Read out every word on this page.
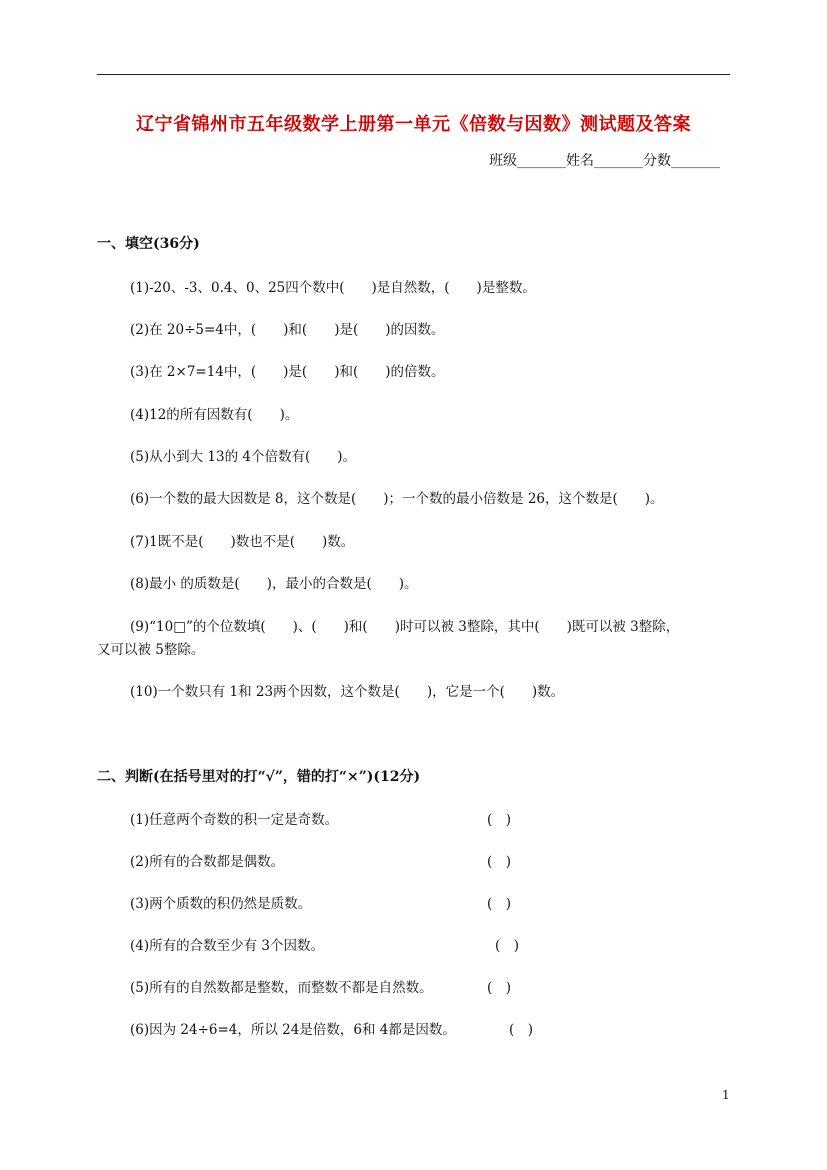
辽宁省锦州市五年级数学上册第一单元《倍数与因数》测试题及答案
班级_______姓名_______分数_______
一、填空(36分)
(1)-20、-3、0.4、0、25四个数中(　　)是自然数，(　　)是整数。
(2)在 20÷5=4中，(　　)和(　　)是(　　)的因数。
(3)在 2×7=14中，(　　)是(　　)和(　　)的倍数。
(4)12的所有因数有(　　)。
(5)从小到大 13的 4个倍数有(　　)。
(6)一个数的最大因数是 8，这个数是(　　)；一个数的最小倍数是 26，这个数是(　　)。
(7)1既不是(　　)数也不是(　　)数。
(8)最小 的质数是(　　)，最小的合数是(　　)。
(9)“10□”的个位数填(　　)、(　　)和(　　)时可以被 3整除，其中(　　)既可以被 3整除，
又可以被 5整除。
(10)一个数只有 1和 23两个因数，这个数是(　　)，它是一个(　　)数。
二、判断(在括号里对的打“√”，错的打“×”)(12分)
(1)任意两个奇数的积一定是奇数。	(　)
(2)所有的合数都是偶数。	(　)
(3)两个质数的积仍然是质数。	(　)
(4)所有的合数至少有 3个因数。	(　)
(5)所有的自然数都是整数，而整数不都是自然数。	(　)
(6)因为 24÷6=4，所以 24是倍数，6和 4都是因数。	(　)
1
